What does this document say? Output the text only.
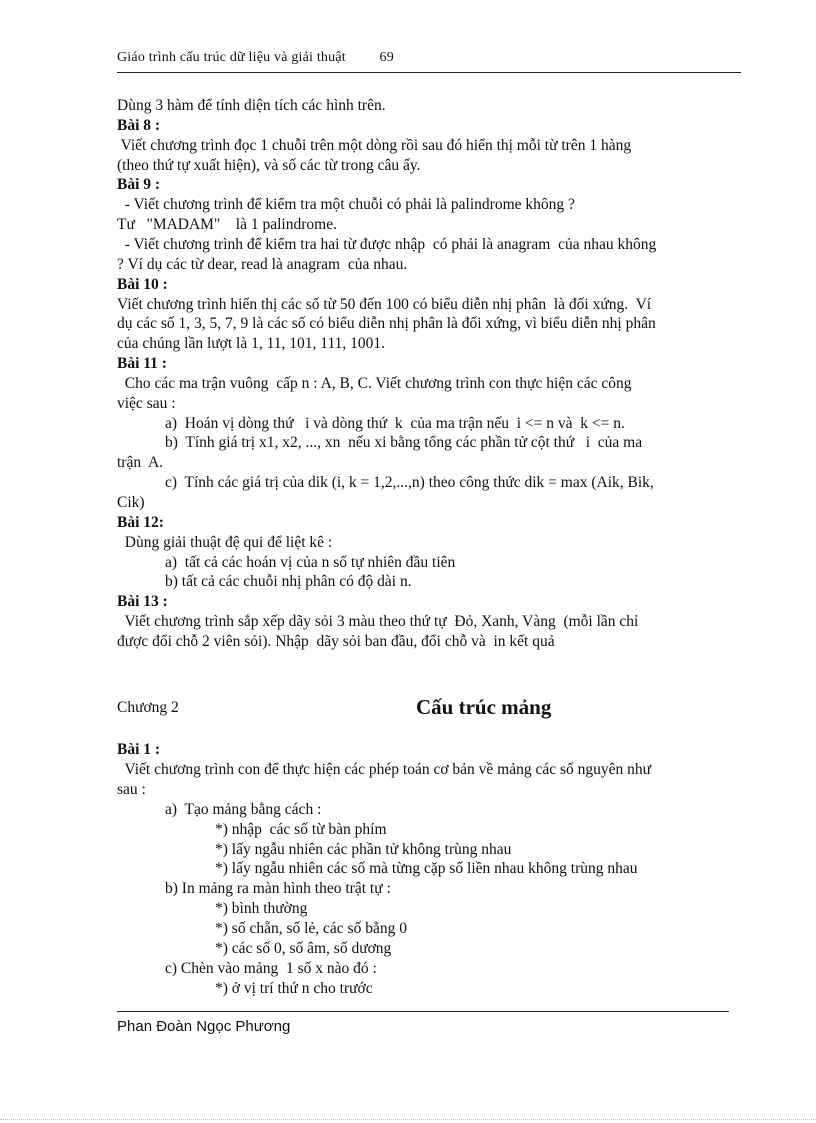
Giáo trình cấu trúc dữ liệu và giải thuật 69
Dùng 3 hàm để tính diện tích các hình trên.
Bài 8 :
Viết chương trình đọc 1 chuỗi trên một dòng rồi sau đó hiển thị mỗi từ trên 1 hàng
(theo thứ tự xuất hiện), và số các từ trong câu ấy.
Bài 9 :
- Viết chương trình để kiểm tra một chuỗi có phải là palindrome không ?
Tư   "MADAM"    là 1 palindrome.
- Viết chương trình để kiểm tra hai từ được nhập  có phải là anagram  của nhau không
? Ví dụ các từ dear, read là anagram  của nhau.
Bài 10 :
Viết chương trình hiển thị các số từ 50 đến 100 có biểu diễn nhị phân  là đối xứng.  Ví
dụ các số 1, 3, 5, 7, 9 là các số có biểu diễn nhị phân là đối xứng, vì biểu diễn nhị phân
của chúng lần lượt là 1, 11, 101, 111, 1001.
Bài 11 :
Cho các ma trận vuông  cấp n : A, B, C. Viết chương trình con thực hiện các công
việc sau :
a)  Hoán vị dòng thứ   i và dòng thứ  k  của ma trận nếu  i <= n và  k <= n.
b)  Tính giá trị x1, x2, ..., xn  nếu xi bằng tổng các phần tử cột thứ   i  của ma
trận  A.
c)  Tính các giá trị của dik (i, k = 1,2,...,n) theo công thức dik = max (Aik, Bik,
Cik)
Bài 12:
Dùng giải thuật đệ qui để liệt kê :
a)  tất cả các hoán vị của n số tự nhiên đầu tiên
b) tất cả các chuỗi nhị phân có độ dài n.
Bài 13 :
Viết chương trình sắp xếp dãy sỏi 3 màu theo thứ tự  Đỏ, Xanh, Vàng  (mỗi lần chỉ
được đổi chỗ 2 viên sỏi). Nhập  dãy sỏi ban đầu, đổi chỗ và  in kết quả
Chương 2	Cấu trúc mảng
Bài 1 :
Viết chương trình con để thực hiện các phép toán cơ bản về mảng các số nguyên như
sau :
a)  Tạo mảng bằng cách :
*) nhập  các số từ bàn phím
*) lấy ngẫu nhiên các phần tử không trùng nhau
*) lấy ngẫu nhiên các số mà từng cặp số liền nhau không trùng nhau
b) In mảng ra màn hình theo trật tự :
*) bình thường
*) số chẵn, số lẻ, các số bằng 0
*) các số 0, số âm, số dương
c) Chèn vào mảng  1 số x nào đó :
*) ở vị trí thứ n cho trước
Phan Đoàn Ngọc Phương
